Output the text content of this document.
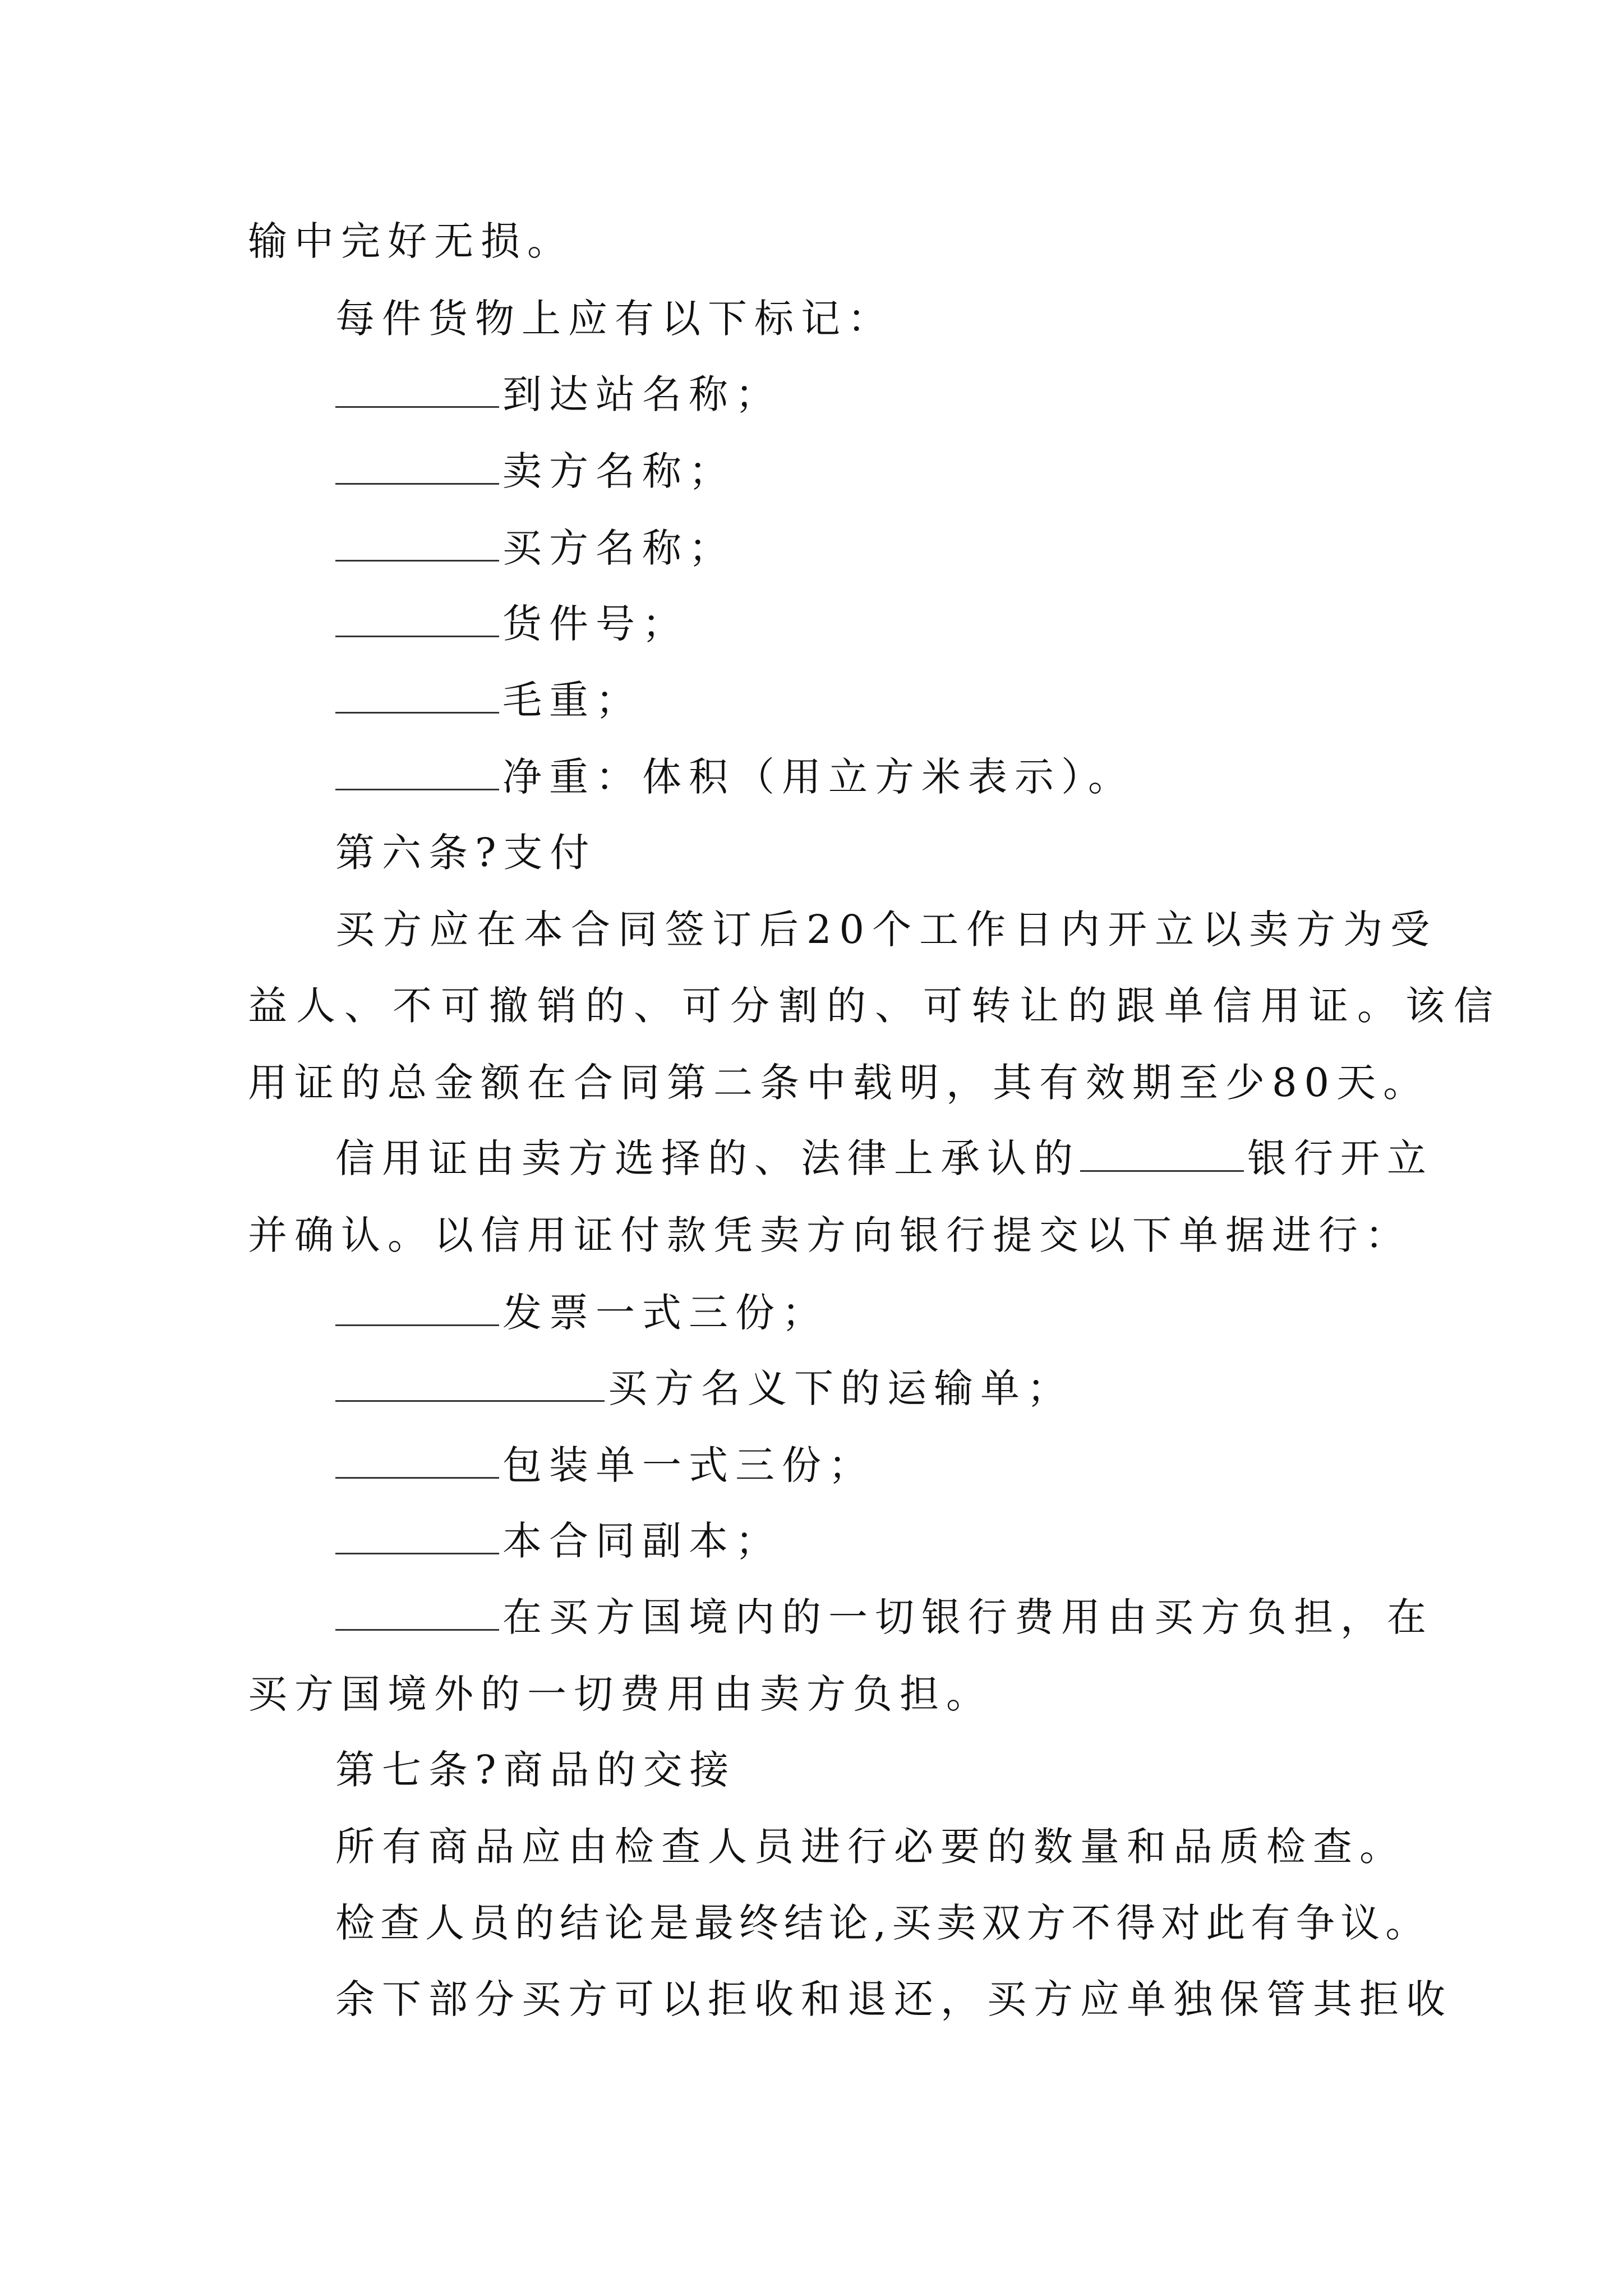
输中完好无损。
每件货物上应有以下标记：
到达站名称；
卖方名称；
买方名称；
货件号；
毛重；
净重：体积（用立方米表示）。
第六条?支付
买方应在本合同签订后20个工作日内开立以卖方为受
益人、不可撤销的、可分割的、可转让的跟单信用证。该信
用证的总金额在合同第二条中载明，其有效期至少80天。
信用证由卖方选择的、法律上承认的	银行开立
并确认。以信用证付款凭卖方向银行提交以下单据进行：
发票一式三份；
买方名义下的运输单；
包装单一式三份；
本合同副本；
在买方国境内的一切银行费用由买方负担，在
买方国境外的一切费用由卖方负担。
第七条?商品的交接
所有商品应由检查人员进行必要的数量和品质检查。
检查人员的结论是最终结论,买卖双方不得对此有争议。
余下部分买方可以拒收和退还，买方应单独保管其拒收
